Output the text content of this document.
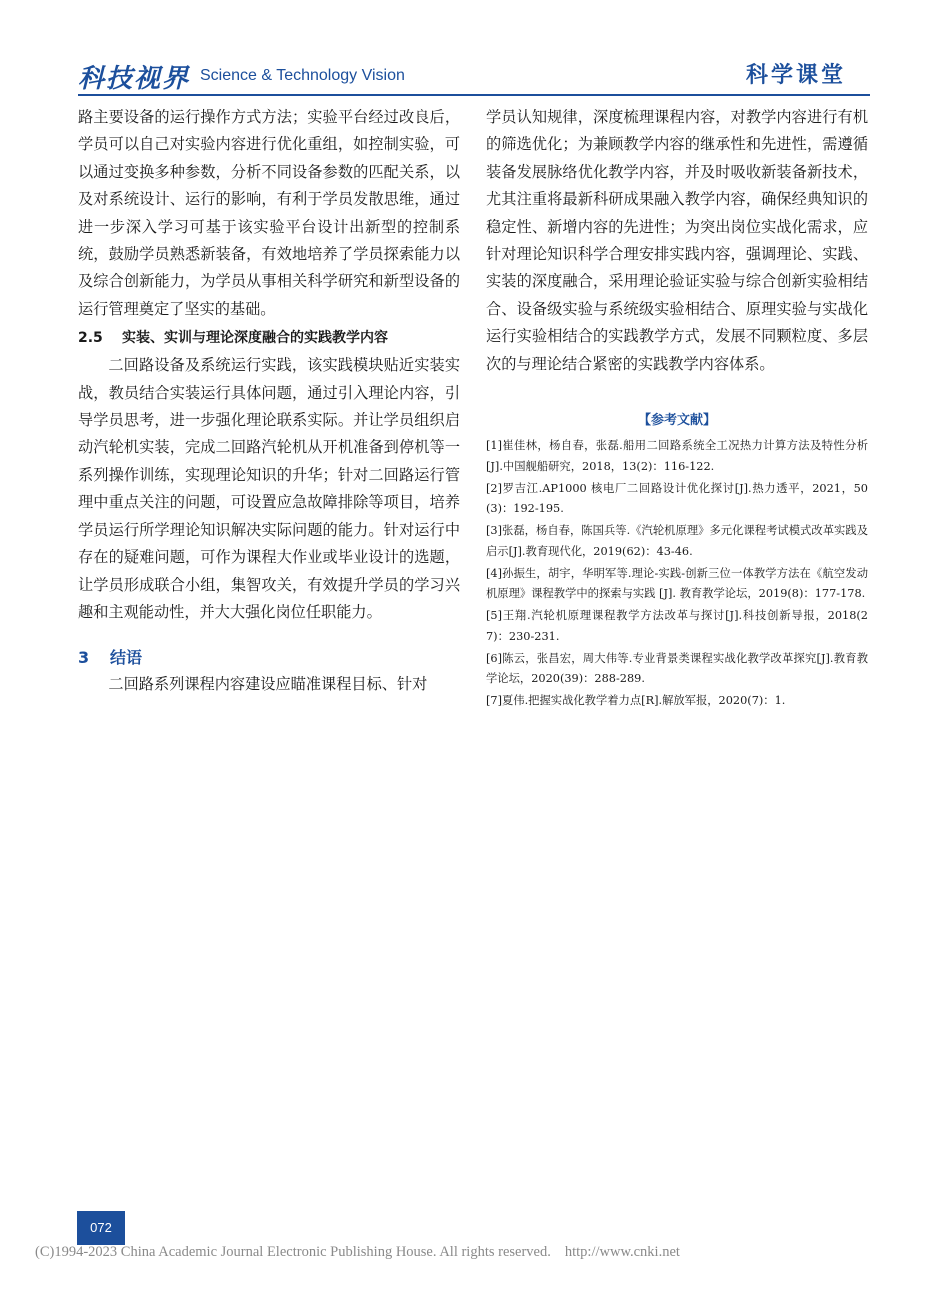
科技视界 Science & Technology Vision	科学课堂

路主要设备的运行操作方式方法；实验平台经过改良后，学员可以自己对实验内容进行优化重组，如控制实验，可以通过变换多种参数，分析不同设备参数的匹配关系，以及对系统设计、运行的影响，有利于学员发散思维，通过进一步深入学习可基于该实验平台设计出新型的控制系统，鼓励学员熟悉新装备，有效地培养了学员探索能力以及综合创新能力，为学员从事相关科学研究和新型设备的运行管理奠定了坚实的基础。

2.5 实装、实训与理论深度融合的实践教学内容

二回路设备及系统运行实践，该实践模块贴近实装实战，教员结合实装运行具体问题，通过引入理论内容，引导学员思考，进一步强化理论联系实际。并让学员组织启动汽轮机实装，完成二回路汽轮机从开机准备到停机等一系列操作训练，实现理论知识的升华；针对二回路运行管理中重点关注的问题，可设置应急故障排除等项目，培养学员运行所学理论知识解决实际问题的能力。针对运行中存在的疑难问题，可作为课程大作业或毕业设计的选题，让学员形成联合小组，集智攻关，有效提升学员的学习兴趣和主观能动性，并大大强化岗位任职能力。

3 结语

二回路系列课程内容建设应瞄准课程目标、针对

学员认知规律，深度梳理课程内容，对教学内容进行有机的筛选优化；为兼顾教学内容的继承性和先进性，需遵循装备发展脉络优化教学内容，并及时吸收新装备新技术，尤其注重将最新科研成果融入教学内容，确保经典知识的稳定性、新增内容的先进性；为突出岗位实战化需求，应针对理论知识科学合理安排实践内容，强调理论、实践、实装的深度融合，采用理论验证实验与综合创新实验相结合、设备级实验与系统级实验相结合、原理实验与实战化运行实验相结合的实践教学方式，发展不同颗粒度、多层次的与理论结合紧密的实践教学内容体系。

【参考文献】

[1]崔佳林，杨自春，张磊.船用二回路系统全工况热力计算方法及特性分析[J].中国舰船研究，2018，13(2)：116-122.

[2]罗吉江.AP1000 核电厂二回路设计优化探讨[J].热力透平，2021，50(3)：192-195.

[3]张磊，杨自春，陈国兵等.《汽轮机原理》多元化课程考试模式改革实践及启示[J].教育现代化，2019(62)：43-46.

[4]孙振生，胡宇，华明军等.理论-实践-创新三位一体教学方法在《航空发动机原理》课程教学中的探索与实践 [J]. 教育教学论坛，2019(8)：177-178.

[5]王翔.汽轮机原理课程教学方法改革与探讨[J].科技创新导报，2018(27)：230-231.

[6]陈云，张昌宏，周大伟等.专业背景类课程实战化教学改革探究[J].教育教学论坛，2020(39)：288-289.

[7]夏伟.把握实战化教学着力点[R].解放军报，2020(7)：1.

072
(C)1994-2023 China Academic Journal Electronic Publishing House. All rights reserved. http://www.cnki.net
